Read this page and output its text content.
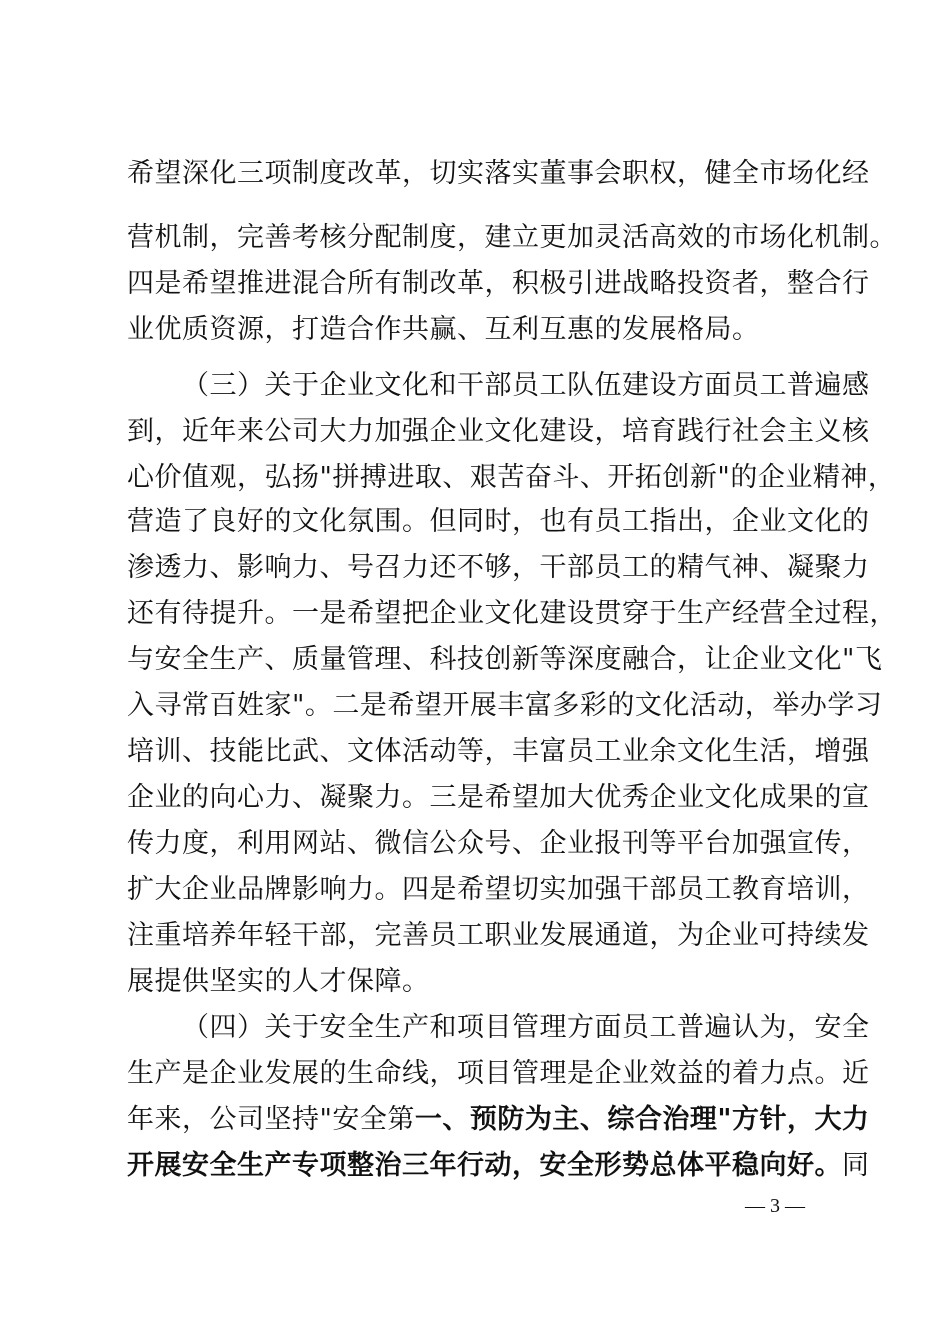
希望深化三项制度改革，切实落实董事会职权，健全市场化经
营机制，完善考核分配制度，建立更加灵活高效的市场化机制。
四是希望推进混合所有制改革，积极引进战略投资者，整合行
业优质资源，打造合作共赢、互利互惠的发展格局。
（三）关于企业文化和干部员工队伍建设方面员工普遍感
到，近年来公司大力加强企业文化建设，培育践行社会主义核
心价值观，弘扬"拼搏进取、艰苦奋斗、开拓创新"的企业精神，
营造了良好的文化氛围。但同时，也有员工指出，企业文化的
渗透力、影响力、号召力还不够，干部员工的精气神、凝聚力
还有待提升。一是希望把企业文化建设贯穿于生产经营全过程，
与安全生产、质量管理、科技创新等深度融合，让企业文化"飞
入寻常百姓家"。二是希望开展丰富多彩的文化活动，举办学习
培训、技能比武、文体活动等，丰富员工业余文化生活，增强
企业的向心力、凝聚力。三是希望加大优秀企业文化成果的宣
传力度，利用网站、微信公众号、企业报刊等平台加强宣传，
扩大企业品牌影响力。四是希望切实加强干部员工教育培训，
注重培养年轻干部，完善员工职业发展通道，为企业可持续发
展提供坚实的人才保障。
（四）关于安全生产和项目管理方面员工普遍认为，安全
生产是企业发展的生命线，项目管理是企业效益的着力点。近
年来，公司坚持"安全第一、预防为主、综合治理"方针，大力
开展安全生产专项整治三年行动，安全形势总体平稳向好。同
— 3 —
